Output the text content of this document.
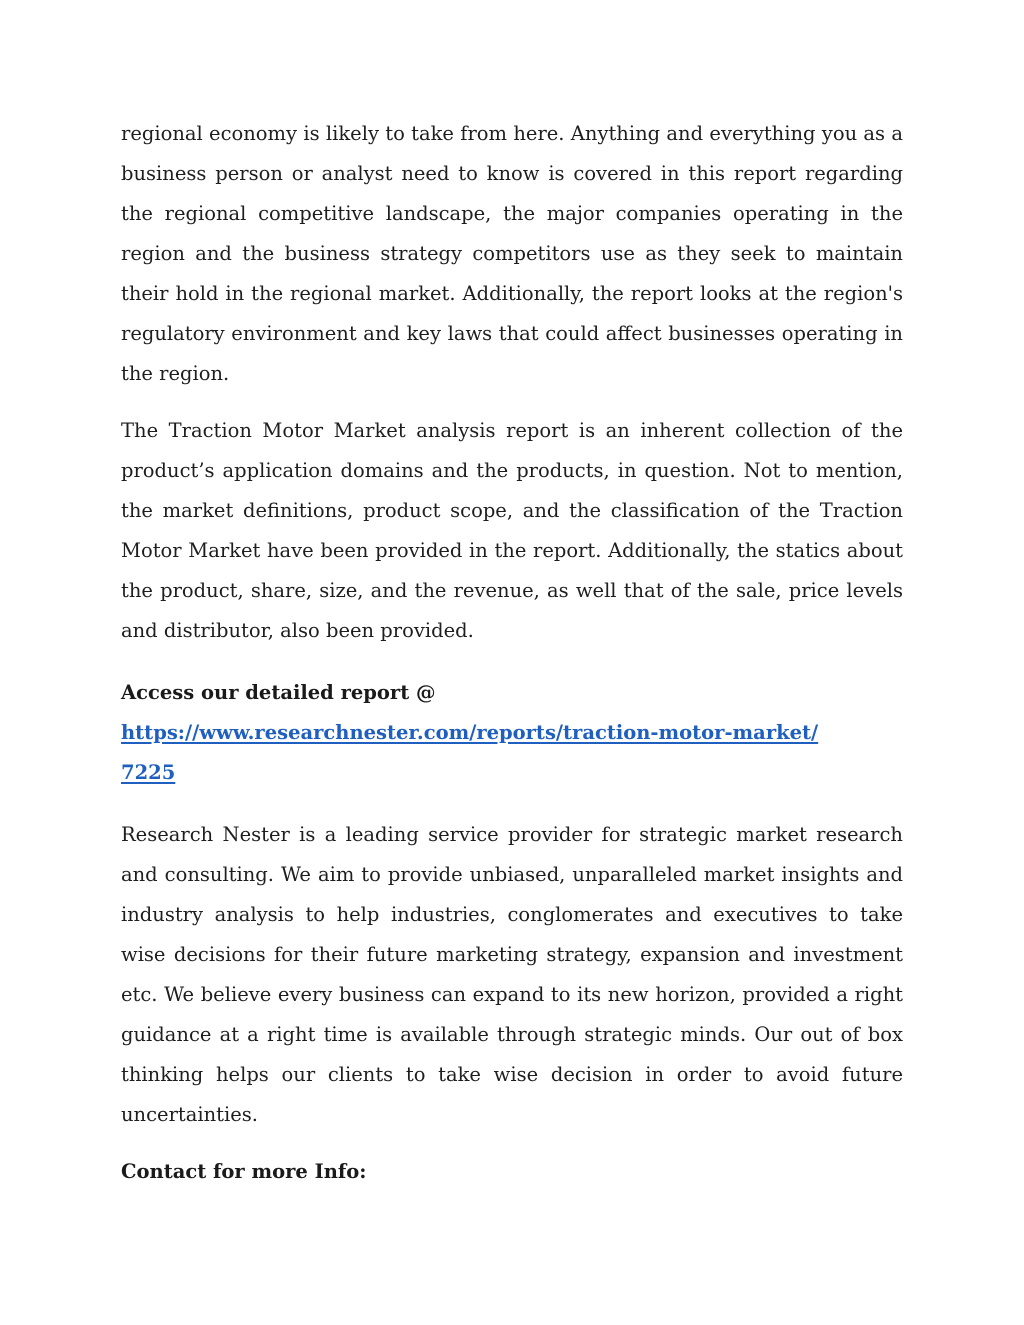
regional economy is likely to take from here. Anything and everything you as a business person or analyst need to know is covered in this report regarding the regional competitive landscape, the major companies operating in the region and the business strategy competitors use as they seek to maintain their hold in the regional market. Additionally, the report looks at the region's regulatory environment and key laws that could affect businesses operating in the region.

The Traction Motor Market analysis report is an inherent collection of the product’s application domains and the products, in question. Not to mention, the market definitions, product scope, and the classification of the Traction Motor Market have been provided in the report. Additionally, the statics about the product, share, size, and the revenue, as well that of the sale, price levels and distributor, also been provided.

Access our detailed report @

https://www.researchnester.com/reports/traction-motor-market/7225

Research Nester is a leading service provider for strategic market research and consulting. We aim to provide unbiased, unparalleled market insights and industry analysis to help industries, conglomerates and executives to take wise decisions for their future marketing strategy, expansion and investment etc. We believe every business can expand to its new horizon, provided a right guidance at a right time is available through strategic minds. Our out of box thinking helps our clients to take wise decision in order to avoid future uncertainties.

Contact for more Info:
